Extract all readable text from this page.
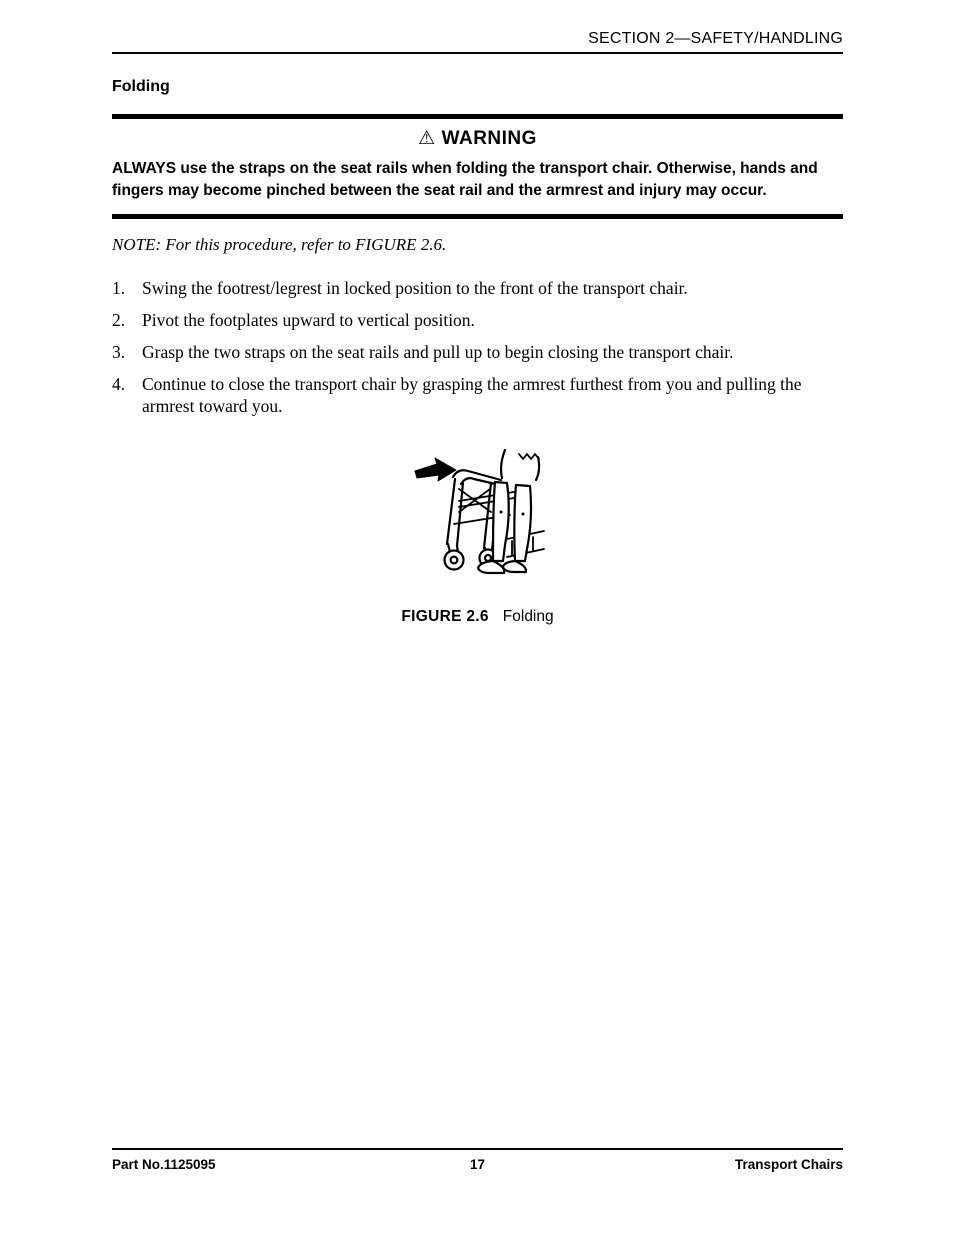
SECTION 2—SAFETY/HANDLING
Folding
⚠ WARNING
ALWAYS use the straps on the seat rails when folding the transport chair. Otherwise, hands and fingers may become pinched between the seat rail and the armrest and injury may occur.
NOTE: For this procedure, refer to FIGURE 2.6.
1. Swing the footrest/legrest in locked position to the front of the transport chair.
2. Pivot the footplates upward to vertical position.
3. Grasp the two straps on the seat rails and pull up to begin closing the transport chair.
4. Continue to close the transport chair by grasping the armrest furthest from you and pulling the armrest toward you.
FIGURE 2.6 Folding
Part No.1125095	17	Transport Chairs
